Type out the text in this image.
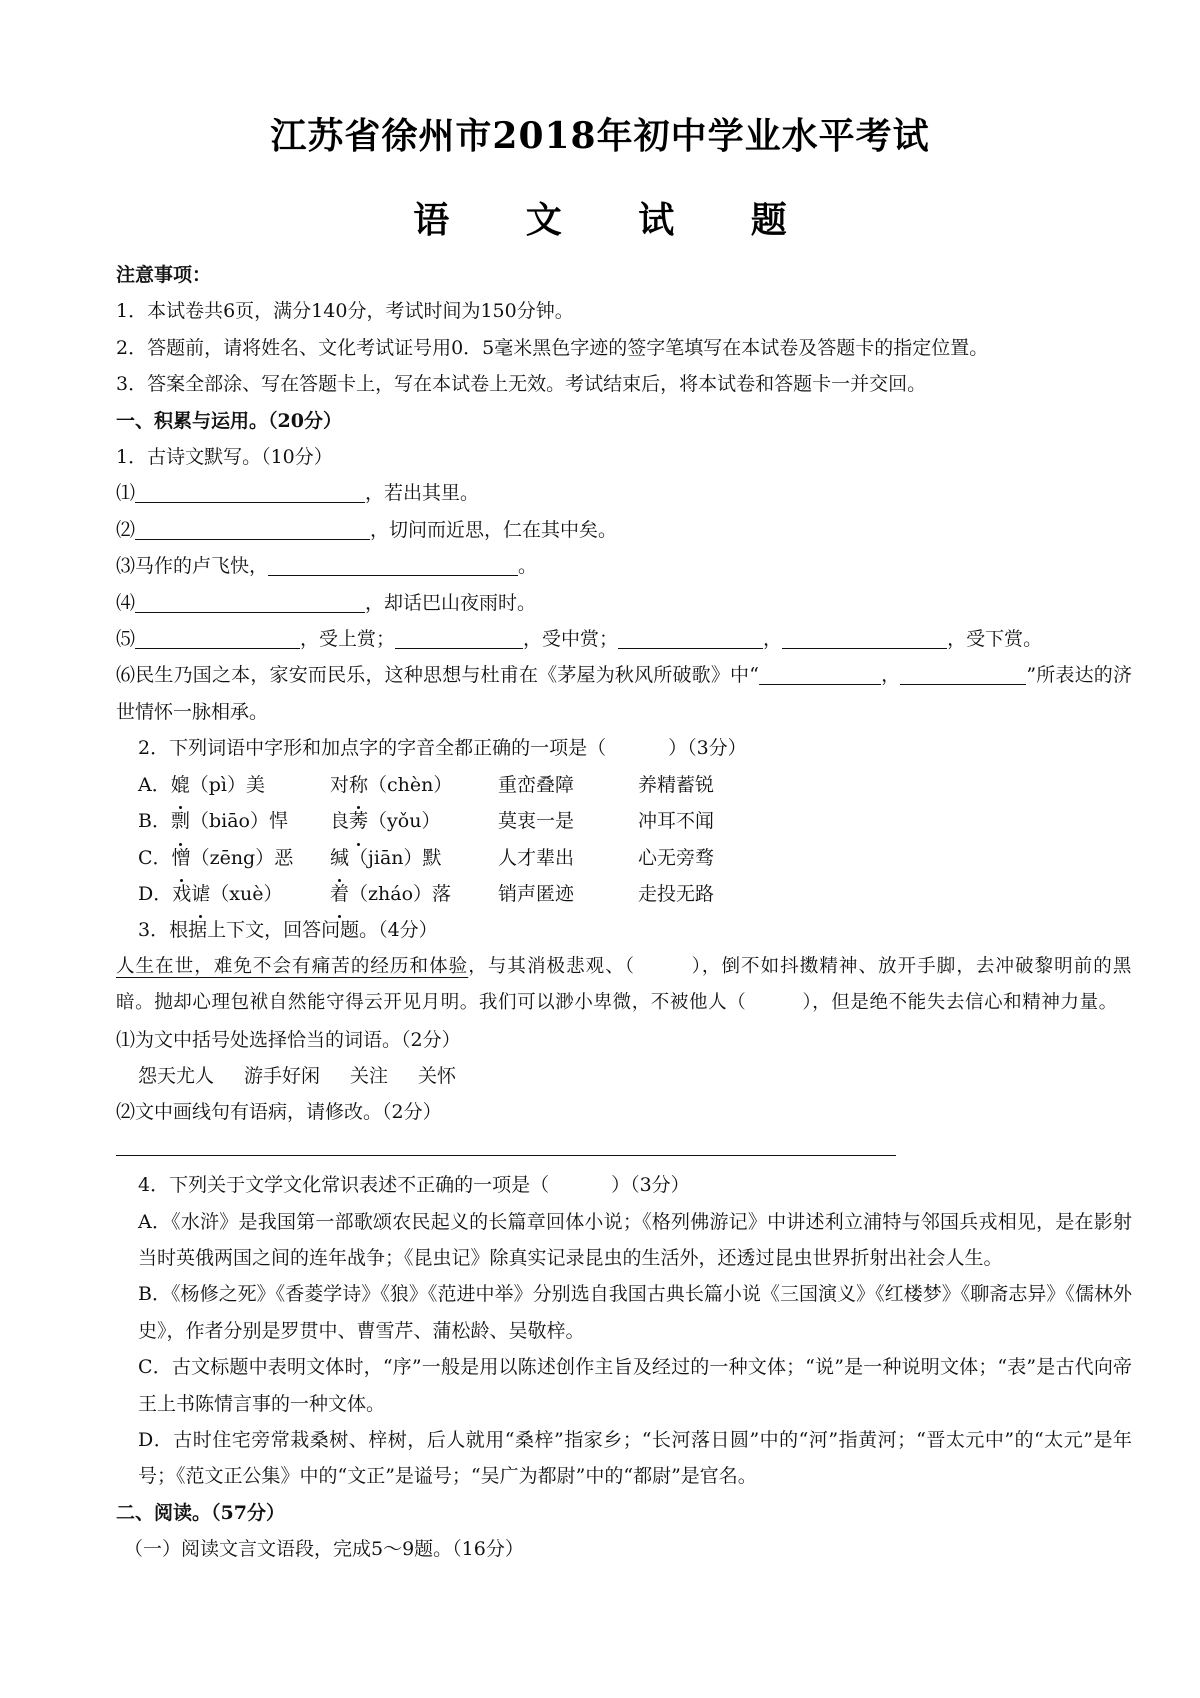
江苏省徐州市2018年初中学业水平考试
语 文 试 题
注意事项：
1．本试卷共6页，满分140分，考试时间为150分钟。
2．答题前，请将姓名、文化考试证号用0．5毫米黑色字迹的签字笔填写在本试卷及答题卡的指定位置。
3．答案全部涂、写在答题卡上，写在本试卷上无效。考试结束后，将本试卷和答题卡一并交回。
一、积累与运用。（20分）
1．古诗文默写。（10分）
⑴	，若出其里。
⑵	，切问而近思，仁在其中矣。
⑶马作的卢飞快，	。
⑷	，却话巴山夜雨时。
⑸	，受上赏；	，受中赏；	，	，受下赏。
⑹民生乃国之本，家安而民乐，这种思想与杜甫在《茅屋为秋风所破歌》中“	，	”所表达的济世情怀一脉相承。
2．下列词语中字形和加点字的字音全都正确的一项是（	）（3分）
A．媲（pì）美	对称（chèn）	重峦叠障	养精蓄锐
B．剽（biāo）悍	良莠（yǒu）	莫衷一是	冲耳不闻
C．憎（zēng）恶	缄（jiān）默	人才辈出	心无旁骛
D．戏谑（xuè）	着（zháo）落	销声匿迹	走投无路
3．根据上下文，回答问题。（4分）
人生在世，难免不会有痛苦的经历和体验，与其消极悲观、（	），倒不如抖擞精神、放开手脚，去冲破黎明前的黑暗。抛却心理包袱自然能守得云开见月明。我们可以渺小卑微，不被他人（	），但是绝不能失去信心和精神力量。
⑴为文中括号处选择恰当的词语。（2分）
怨天尤人 游手好闲 关注 关怀
⑵文中画线句有语病，请修改。（2分）
4．下列关于文学文化常识表述不正确的一项是（	）（3分）
A．《水浒》是我国第一部歌颂农民起义的长篇章回体小说；《格列佛游记》中讲述利立浦特与邻国兵戎相见，是在影射当时英俄两国之间的连年战争；《昆虫记》除真实记录昆虫的生活外，还透过昆虫世界折射出社会人生。
B．《杨修之死》《香菱学诗》《狼》《范进中举》分别选自我国古典长篇小说《三国演义》《红楼梦》《聊斋志异》《儒林外史》，作者分别是罗贯中、曹雪芹、蒲松龄、吴敬梓。
C．古文标题中表明文体时，“序”一般是用以陈述创作主旨及经过的一种文体；“说”是一种说明文体；“表”是古代向帝王上书陈情言事的一种文体。
D．古时住宅旁常栽桑树、梓树，后人就用“桑梓”指家乡；“长河落日圆”中的“河”指黄河；“晋太元中”的“太元”是年号；《范文正公集》中的“文正”是谥号；“吴广为都尉”中的“都尉”是官名。
二、阅读。（57分）
（一）阅读文言文语段，完成5～9题。（16分）
